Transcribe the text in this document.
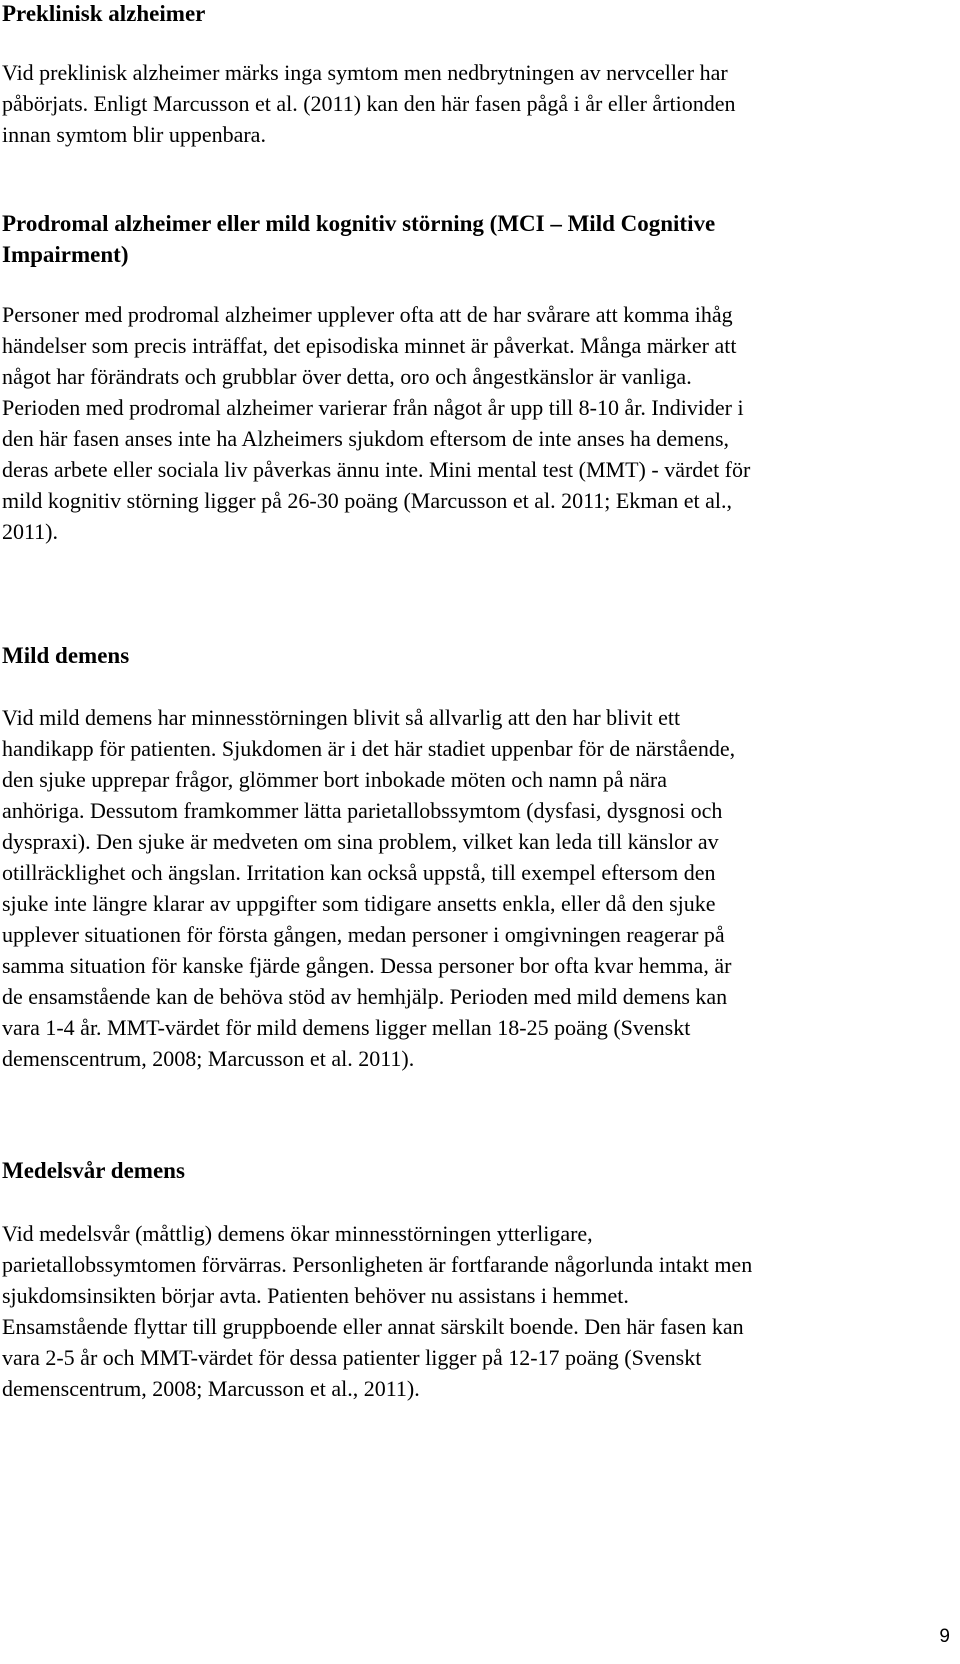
Preklinisk alzheimer

Vid preklinisk alzheimer märks inga symtom men nedbrytningen av nervceller har
påbörjats. Enligt Marcusson et al. (2011) kan den här fasen pågå i år eller årtionden
innan symtom blir uppenbara.

Prodromal alzheimer eller mild kognitiv störning (MCI – Mild Cognitive
Impairment)

Personer med prodromal alzheimer upplever ofta att de har svårare att komma ihåg
händelser som precis inträffat, det episodiska minnet är påverkat. Många märker att
något har förändrats och grubblar över detta, oro och ångestkänslor är vanliga.
Perioden med prodromal alzheimer varierar från något år upp till 8-10 år. Individer i
den här fasen anses inte ha Alzheimers sjukdom eftersom de inte anses ha demens,
deras arbete eller sociala liv påverkas ännu inte. Mini mental test (MMT) - värdet för
mild kognitiv störning ligger på 26-30 poäng (Marcusson et al. 2011; Ekman et al.,
2011).

Mild demens

Vid mild demens har minnesstörningen blivit så allvarlig att den har blivit ett
handikapp för patienten. Sjukdomen är i det här stadiet uppenbar för de närstående,
den sjuke upprepar frågor, glömmer bort inbokade möten och namn på nära
anhöriga. Dessutom framkommer lätta parietallobssymtom (dysfasi, dysgnosi och
dyspraxi). Den sjuke är medveten om sina problem, vilket kan leda till känslor av
otillräcklighet och ängslan. Irritation kan också uppstå, till exempel eftersom den
sjuke inte längre klarar av uppgifter som tidigare ansetts enkla, eller då den sjuke
upplever situationen för första gången, medan personer i omgivningen reagerar på
samma situation för kanske fjärde gången. Dessa personer bor ofta kvar hemma, är
de ensamstående kan de behöva stöd av hemhjälp. Perioden med mild demens kan
vara 1-4 år. MMT-värdet för mild demens ligger mellan 18-25 poäng (Svenskt
demenscentrum, 2008; Marcusson et al. 2011).

Medelsvår demens

Vid medelsvår (måttlig) demens ökar minnesstörningen ytterligare,
parietallobssymtomen förvärras. Personligheten är fortfarande någorlunda intakt men
sjukdomsinsikten börjar avta. Patienten behöver nu assistans i hemmet.
Ensamstående flyttar till gruppboende eller annat särskilt boende. Den här fasen kan
vara 2-5 år och MMT-värdet för dessa patienter ligger på 12-17 poäng (Svenskt
demenscentrum, 2008; Marcusson et al., 2011).

9
